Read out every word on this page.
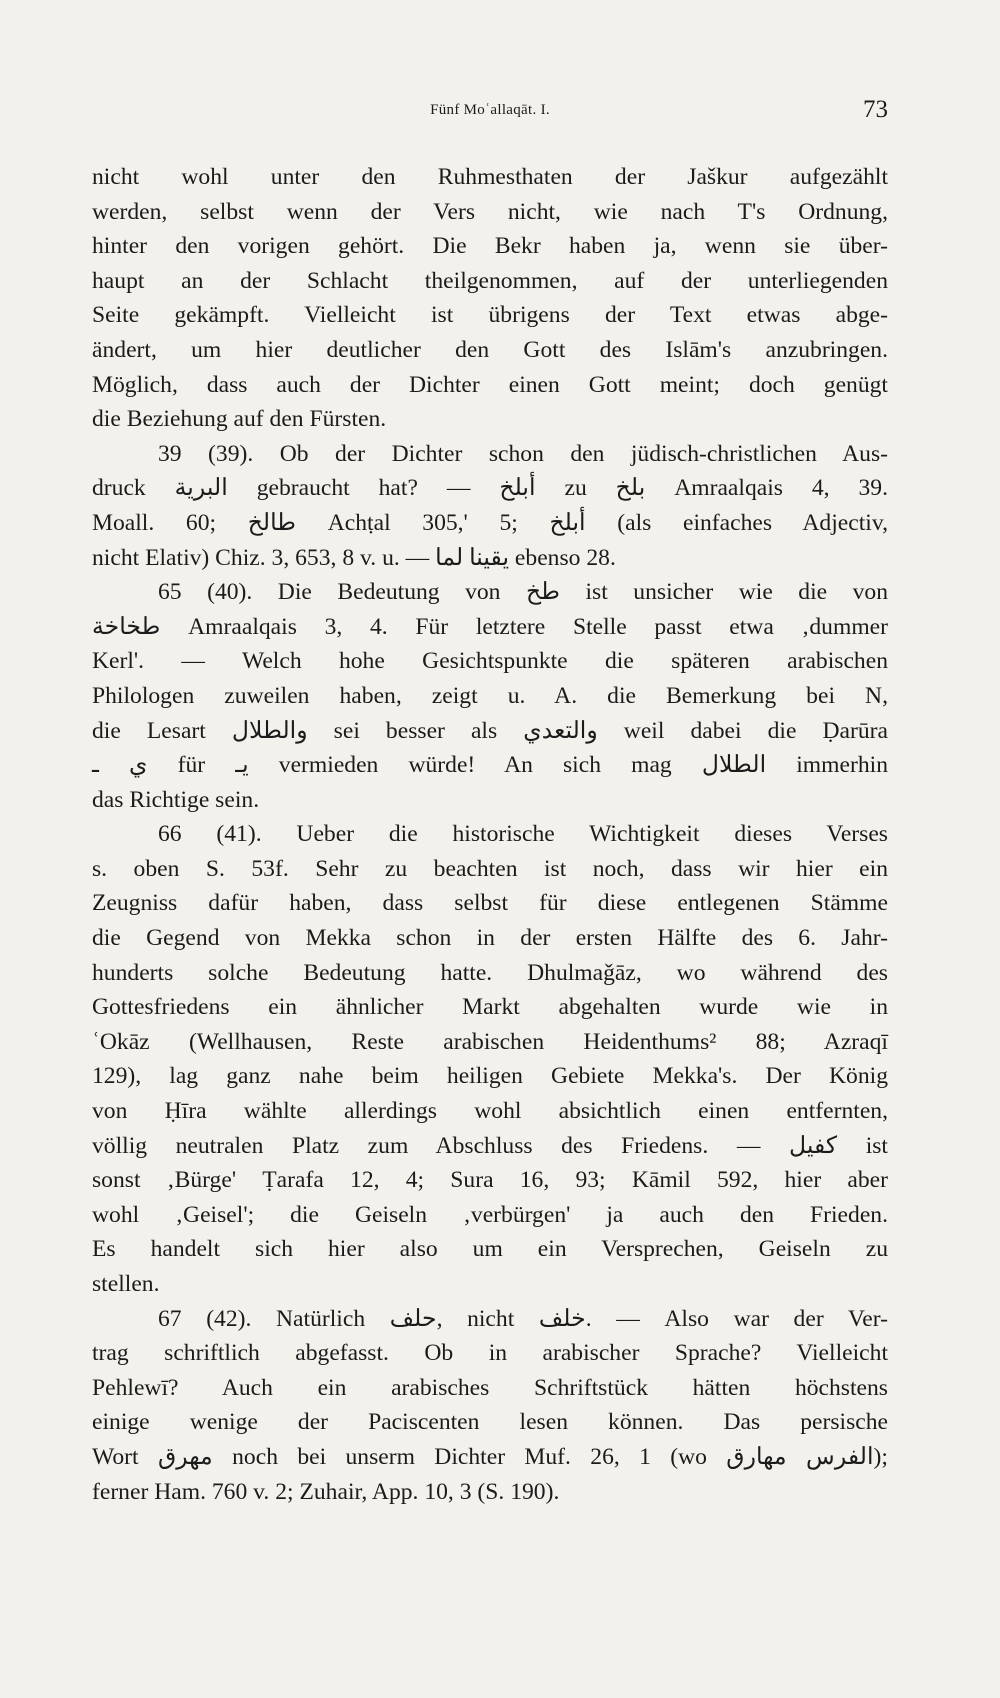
Fünf Moʿallaqāt. I.	73
nicht wohl unter den Ruhmesthaten der Jaškur aufgezählt
werden, selbst wenn der Vers nicht, wie nach T's Ordnung,
hinter den vorigen gehört. Die Bekr haben ja, wenn sie über-
haupt an der Schlacht theilgenommen, auf der unterliegenden
Seite gekämpft. Vielleicht ist übrigens der Text etwas abge-
ändert, um hier deutlicher den Gott des Islām's anzubringen.
Möglich, dass auch der Dichter einen Gott meint; doch genügt
die Beziehung auf den Fürsten.
39 (39). Ob der Dichter schon den jüdisch-christlichen Aus-
druck البرية gebraucht hat? — أبلخ zu بلخ Amraalqais 4, 39.
Moall. 60; طالخ Achṭal 305,' 5; أبلخ (als einfaches Adjectiv,
nicht Elativ) Chiz. 3, 653, 8 v. u. — يقينا لما ebenso 28.
65 (40). Die Bedeutung von طخ ist unsicher wie die von
طخاخة Amraalqais 3, 4. Für letztere Stelle passt etwa ‚dummer
Kerl'. — Welch hohe Gesichtspunkte die späteren arabischen
Philologen zuweilen haben, zeigt u. A. die Bemerkung bei N,
die Lesart والطلال sei besser als والتعدي weil dabei die Ḍarūra
ي ـ für يـ vermieden würde! An sich mag الطلال immerhin
das Richtige sein.
66 (41). Ueber die historische Wichtigkeit dieses Verses
s. oben S. 53f. Sehr zu beachten ist noch, dass wir hier ein
Zeugniss dafür haben, dass selbst für diese entlegenen Stämme
die Gegend von Mekka schon in der ersten Hälfte des 6. Jahr-
hunderts solche Bedeutung hatte. Dhulmaǧāz, wo während des
Gottesfriedens ein ähnlicher Markt abgehalten wurde wie in
ʿOkāz (Wellhausen, Reste arabischen Heidenthums² 88; Azraqī
129), lag ganz nahe beim heiligen Gebiete Mekka's. Der König
von Ḥīra wählte allerdings wohl absichtlich einen entfernten,
völlig neutralen Platz zum Abschluss des Friedens. — كفيل ist
sonst ‚Bürge' Ṭarafa 12, 4; Sura 16, 93; Kāmil 592, hier aber
wohl ‚Geisel'; die Geiseln ‚verbürgen' ja auch den Frieden.
Es handelt sich hier also um ein Versprechen, Geiseln zu
stellen.
67 (42). Natürlich حلف, nicht خلف. — Also war der Ver-
trag schriftlich abgefasst. Ob in arabischer Sprache? Vielleicht
Pehlewī? Auch ein arabisches Schriftstück hätten höchstens
einige wenige der Paciscenten lesen können. Das persische
Wort مهرق noch bei unserm Dichter Muf. 26, 1 (wo الفرس مهارق);
ferner Ham. 760 v. 2; Zuhair, App. 10, 3 (S. 190).
